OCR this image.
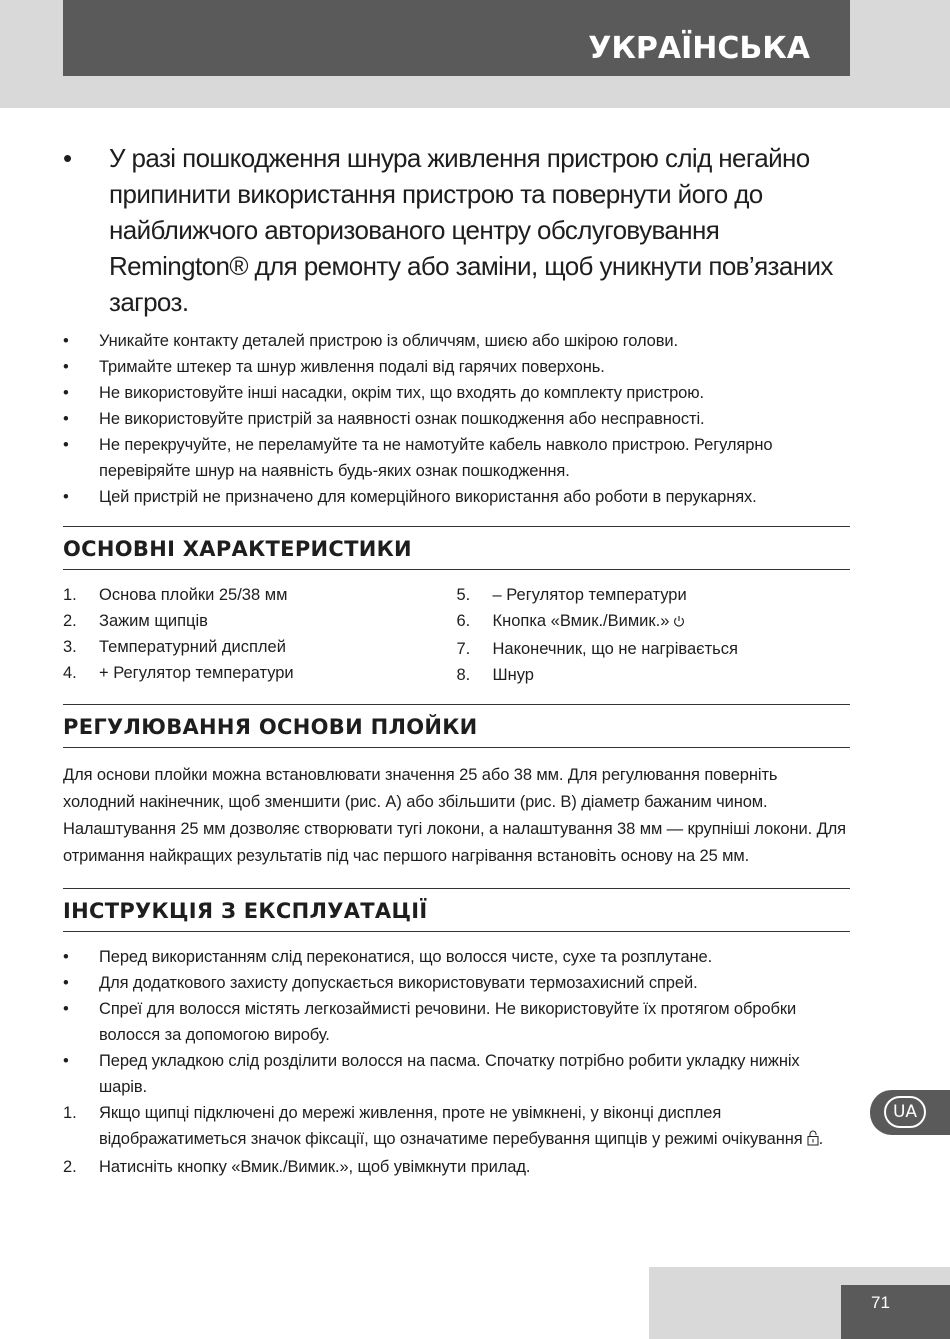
УКРАЇНСЬКА
• У разі пошкодження шнура живлення пристрою слід негайно припинити використання пристрою та повернути його до найближчого авторизованого центру обслуговування Remington® для ремонту або заміни, щоб уникнути пов’язаних загроз.
• Уникайте контакту деталей пристрою із обличчям, шиєю або шкірою голови.
• Тримайте штекер та шнур живлення подалі від гарячих поверхонь.
• Не використовуйте інші насадки, окрім тих, що входять до комплекту пристрою.
• Не використовуйте пристрій за наявності ознак пошкодження або несправності.
• Не перекручуйте, не переламуйте та не намотуйте кабель навколо пристрою. Регулярно перевіряйте шнур на наявність будь-яких ознак пошкодження.
• Цей пристрій не призначено для комерційного використання або роботи в перукарнях.
ОСНОВНІ ХАРАКТЕРИСТИКИ
1. Основа плойки 25/38 мм
2. Зажим щипців
3. Температурний дисплей
4. + Регулятор температури
5. – Регулятор температури
6. Кнопка «Вмик./Вимик.»
7. Наконечник, що не нагрівається
8. Шнур
РЕГУЛЮВАННЯ ОСНОВИ ПЛОЙКИ

Для основи плойки можна встановлювати значення 25 або 38 мм. Для регулювання поверніть холодний накінечник, щоб зменшити (рис. A) або збільшити (рис. B) діаметр бажаним чином. Налаштування 25 мм дозволяє створювати тугі локони, а налаштування 38 мм — крупніші локони. Для отримання найкращих результатів під час першого нагрівання встановіть основу на 25 мм.

ІНСТРУКЦІЯ З ЕКСПЛУАТАЦІЇ
• Перед використанням слід переконатися, що волосся чисте, сухе та розплутане.
• Для додаткового захисту допускається використовувати термозахисний спрей.
• Спреї для волосся містять легкозаймисті речовини. Не використовуйте їх протягом обробки волосся за допомогою виробу.
• Перед укладкою слід розділити волосся на пасма. Спочатку потрібно робити укладку нижніх шарів.
1. Якщо щипці підключені до мережі живлення, проте не увімкнені, у віконці дисплея відображатиметься значок фіксації, що означатиме перебування щипців у режимі очікування .
2. Натисніть кнопку «Вмик./Вимик.», щоб увімкнути прилад.
UA
71
